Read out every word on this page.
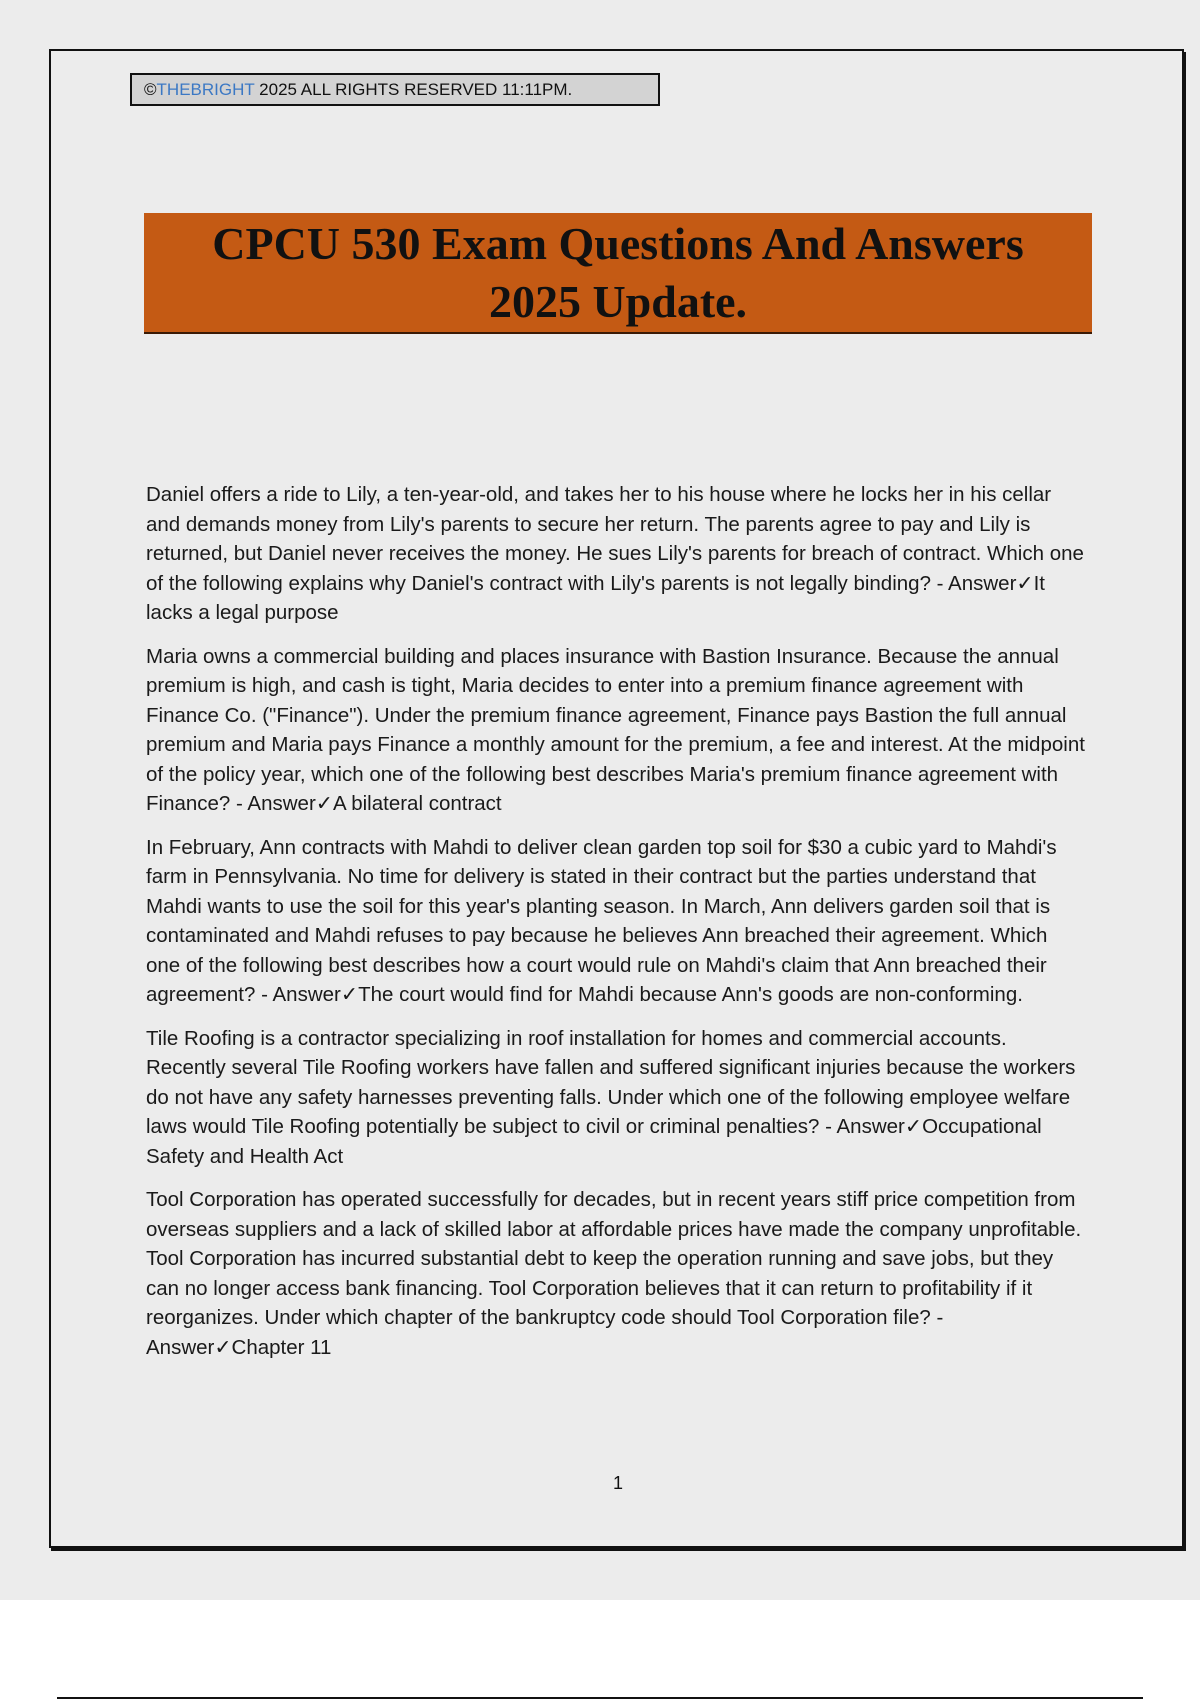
©THEBRIGHT 2025 ALL RIGHTS RESERVED 11:11PM.
CPCU 530 Exam Questions And Answers
2025 Update.

Daniel offers a ride to Lily, a ten-year-old, and takes her to his house where he locks her in his cellar and demands money from Lily's parents to secure her return. The parents agree to pay and Lily is returned, but Daniel never receives the money. He sues Lily's parents for breach of contract. Which one of the following explains why Daniel's contract with Lily's parents is not legally binding? - Answer✓It lacks a legal purpose

Maria owns a commercial building and places insurance with Bastion Insurance. Because the annual premium is high, and cash is tight, Maria decides to enter into a premium finance agreement with Finance Co. ("Finance"). Under the premium finance agreement, Finance pays Bastion the full annual premium and Maria pays Finance a monthly amount for the premium, a fee and interest. At the midpoint of the policy year, which one of the following best describes Maria's premium finance agreement with Finance? - Answer✓A bilateral contract

In February, Ann contracts with Mahdi to deliver clean garden top soil for $30 a cubic yard to Mahdi's farm in Pennsylvania. No time for delivery is stated in their contract but the parties understand that Mahdi wants to use the soil for this year's planting season. In March, Ann delivers garden soil that is contaminated and Mahdi refuses to pay because he believes Ann breached their agreement. Which one of the following best describes how a court would rule on Mahdi's claim that Ann breached their agreement? - Answer✓The court would find for Mahdi because Ann's goods are non-conforming.

Tile Roofing is a contractor specializing in roof installation for homes and commercial accounts. Recently several Tile Roofing workers have fallen and suffered significant injuries because the workers do not have any safety harnesses preventing falls. Under which one of the following employee welfare laws would Tile Roofing potentially be subject to civil or criminal penalties? - Answer✓Occupational Safety and Health Act

Tool Corporation has operated successfully for decades, but in recent years stiff price competition from overseas suppliers and a lack of skilled labor at affordable prices have made the company unprofitable. Tool Corporation has incurred substantial debt to keep the operation running and save jobs, but they can no longer access bank financing. Tool Corporation believes that it can return to profitability if it reorganizes. Under which chapter of the bankruptcy code should Tool Corporation file? - Answer✓Chapter 11

1
